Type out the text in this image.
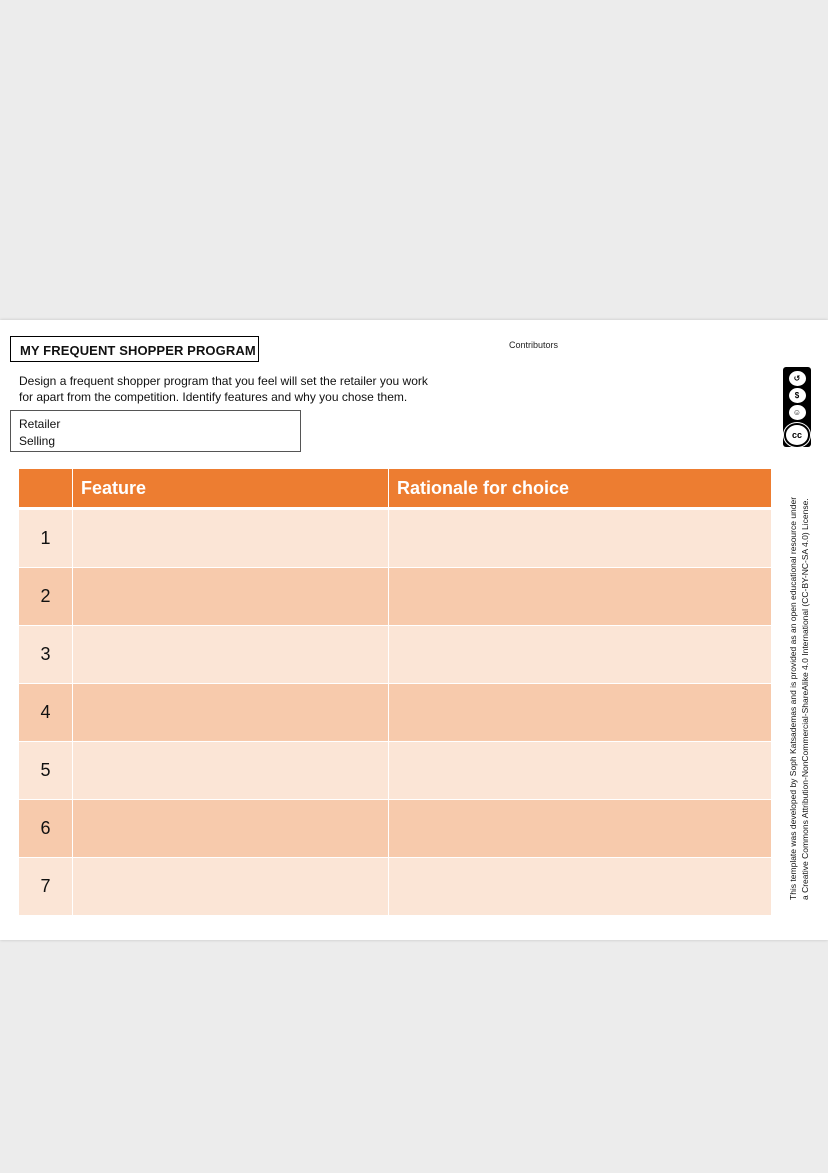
MY FREQUENT SHOPPER PROGRAM	Contributors
Design a frequent shopper program that you feel will set the retailer you work
for apart from the competition. Identify features and why you chose them.
Retailer
Selling
	Feature	Rationale for choice
1		
2		
3		
4		
5		
6		
7		
↺
$
☺
cc
This template was developed by Soph Katsademas and is provided as an open educational resource under a Creative Commons Attribution-NonCommercial-ShareAlike 4.0 International (CC-BY-NC-SA 4.0) License.
